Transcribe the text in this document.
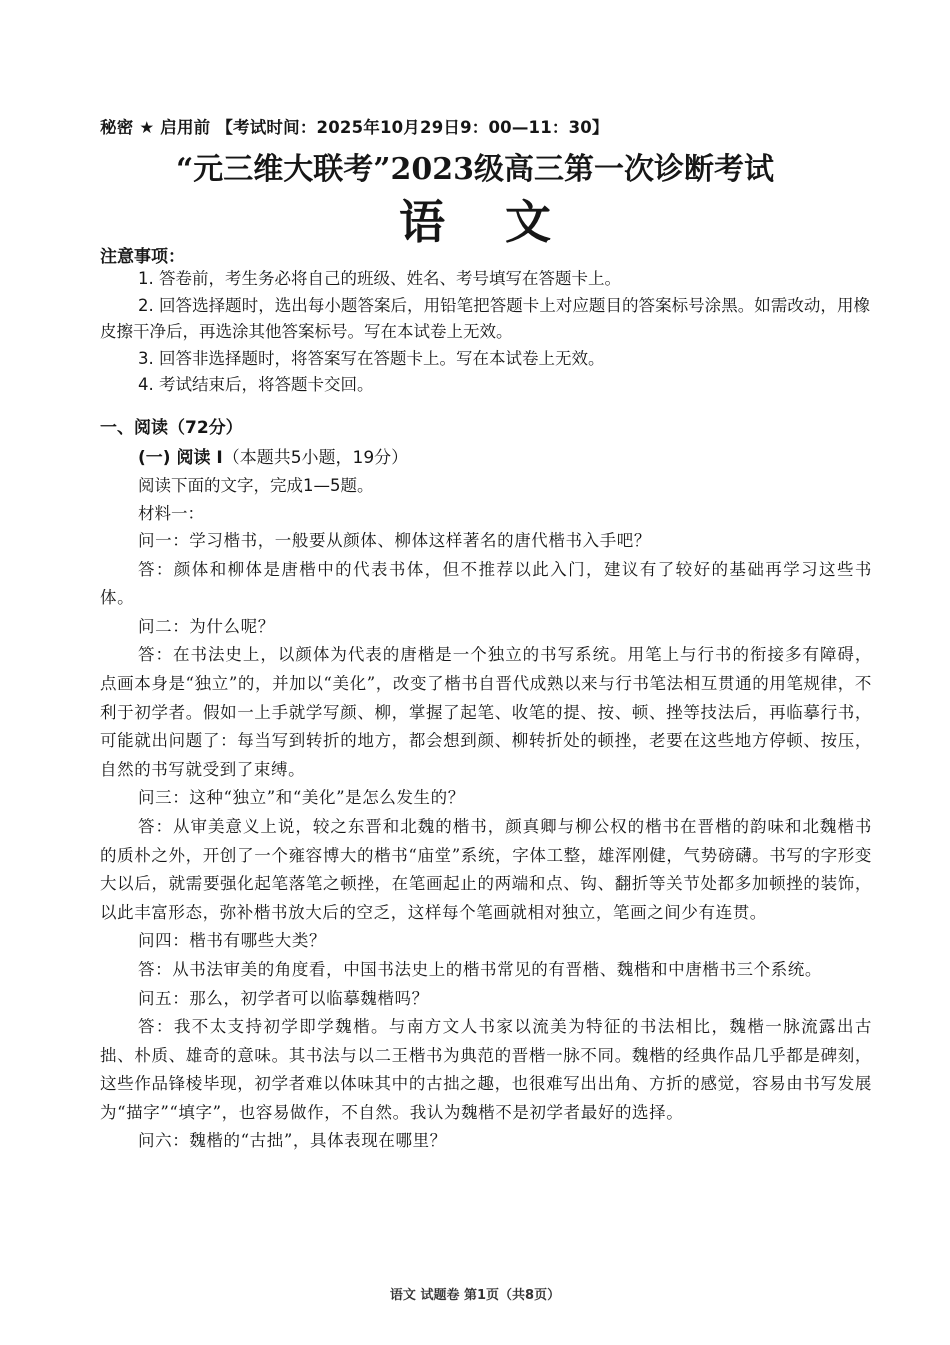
秘密 ★ 启用前 【考试时间：2025年10月29日9：00—11：30】
“元三维大联考”2023级高三第一次诊断考试
语文
注意事项：

1. 答卷前，考生务必将自己的班级、姓名、考号填写在答题卡上。

2. 回答选择题时，选出每小题答案后，用铅笔把答题卡上对应题目的答案标号涂黑。如需改动，用橡皮擦干净后，再选涂其他答案标号。写在本试卷上无效。

3. 回答非选择题时，将答案写在答题卡上。写在本试卷上无效。

4. 考试结束后，将答题卡交回。

一、阅读（72分）
(一) 阅读 I（本题共5小题，19分）
阅读下面的文字，完成1—5题。
材料一：

问一：学习楷书，一般要从颜体、柳体这样著名的唐代楷书入手吧？

答：颜体和柳体是唐楷中的代表书体，但不推荐以此入门，建议有了较好的基础再学习这些书体。

问二：为什么呢？

答：在书法史上，以颜体为代表的唐楷是一个独立的书写系统。用笔上与行书的衔接多有障碍，点画本身是“独立”的，并加以“美化”，改变了楷书自晋代成熟以来与行书笔法相互贯通的用笔规律，不利于初学者。假如一上手就学写颜、柳，掌握了起笔、收笔的提、按、顿、挫等技法后，再临摹行书，可能就出问题了：每当写到转折的地方，都会想到颜、柳转折处的顿挫，老要在这些地方停顿、按压，自然的书写就受到了束缚。

问三：这种“独立”和“美化”是怎么发生的？

答：从审美意义上说，较之东晋和北魏的楷书，颜真卿与柳公权的楷书在晋楷的韵味和北魏楷书的质朴之外，开创了一个雍容博大的楷书“庙堂”系统，字体工整，雄浑刚健，气势磅礴。书写的字形变大以后，就需要强化起笔落笔之顿挫，在笔画起止的两端和点、钩、翻折等关节处都多加顿挫的装饰，以此丰富形态，弥补楷书放大后的空乏，这样每个笔画就相对独立，笔画之间少有连贯。

问四：楷书有哪些大类？

答：从书法审美的角度看，中国书法史上的楷书常见的有晋楷、魏楷和中唐楷书三个系统。

问五：那么，初学者可以临摹魏楷吗？

答：我不太支持初学即学魏楷。与南方文人书家以流美为特征的书法相比，魏楷一脉流露出古拙、朴质、雄奇的意味。其书法与以二王楷书为典范的晋楷一脉不同。魏楷的经典作品几乎都是碑刻，这些作品锋棱毕现，初学者难以体味其中的古拙之趣，也很难写出出角、方折的感觉，容易由书写发展为“描字”“填字”，也容易做作，不自然。我认为魏楷不是初学者最好的选择。

问六：魏楷的“古拙”，具体表现在哪里？

语文 试题卷 第1页（共8页）
